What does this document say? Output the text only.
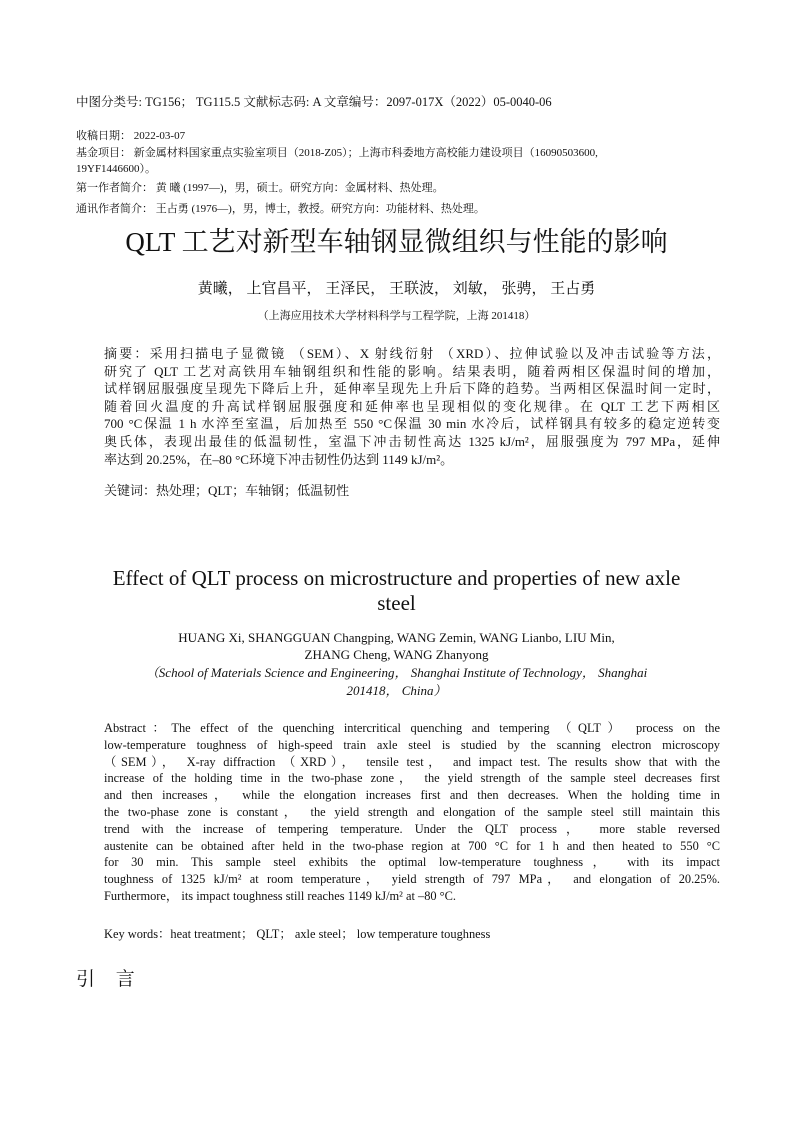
中图分类号: TG156； TG115.5 文献标志码: A 文章编号：2097-017X（2022）05-0040-06
收稿日期： 2022-03-07
基金项目： 新金属材料国家重点实验室项目（2018-Z05）；上海市科委地方高校能力建设项目（16090503600,
19YF1446600）。
第一作者简介： 黄 曦 (1997—)，男，硕士。研究方向：金属材料、热处理。
通讯作者简介： 王占勇 (1976—)，男，博士，教授。研究方向：功能材料、热处理。
QLT 工艺对新型车轴钢显微组织与性能的影响
黄曦， 上官昌平， 王泽民， 王联波， 刘敏， 张骋， 王占勇
（上海应用技术大学材料科学与工程学院，上海 201418）
摘要：采用扫描电子显微镜 （SEM）、X 射线衍射 （XRD）、拉伸试验以及冲击试验等方法，
研究了 QLT 工艺对高铁用车轴钢组织和性能的影响。结果表明，随着两相区保温时间的增加，
试样钢屈服强度呈现先下降后上升，延伸率呈现先上升后下降的趋势。当两相区保温时间一定时，
随着回火温度的升高试样钢屈服强度和延伸率也呈现相似的变化规律。在 QLT 工艺下两相区
700 °C保温 1 h 水淬至室温，后加热至 550 °C保温 30 min 水冷后，试样钢具有较多的稳定逆转变
奥氏体，表现出最佳的低温韧性，室温下冲击韧性高达 1325 kJ/m²，屈服强度为 797 MPa，延伸
率达到 20.25%，在–80 °C环境下冲击韧性仍达到 1149 kJ/m²。
关键词：热处理；QLT；车轴钢；低温韧性
Effect of QLT process on microstructure and properties of new axle
steel
HUANG Xi, SHANGGUAN Changping, WANG Zemin, WANG Lianbo, LIU Min,
ZHANG Cheng, WANG Zhanyong
（School of Materials Science and Engineering， Shanghai Institute of Technology， Shanghai
201418， China）
Abstract：The effect of the quenching intercritical quenching and tempering （QLT） process on the
low-temperature toughness of high-speed train axle steel is studied by the scanning electron microscopy
（SEM）， X-ray diffraction （XRD）， tensile test， and impact test. The results show that with the
increase of the holding time in the two-phase zone， the yield strength of the sample steel decreases first
and then increases， while the elongation increases first and then decreases. When the holding time in
the two-phase zone is constant， the yield strength and elongation of the sample steel still maintain this
trend with the increase of tempering temperature. Under the QLT process， more stable reversed
austenite can be obtained after held in the two-phase region at 700 °C for 1 h and then heated to 550 °C
for 30 min. This sample steel exhibits the optimal low-temperature toughness， with its impact
toughness of 1325 kJ/m² at room temperature， yield strength of 797 MPa， and elongation of 20.25%.
Furthermore， its impact toughness still reaches 1149 kJ/m² at –80 °C.
Key words：heat treatment； QLT； axle steel； low temperature toughness
引 言
